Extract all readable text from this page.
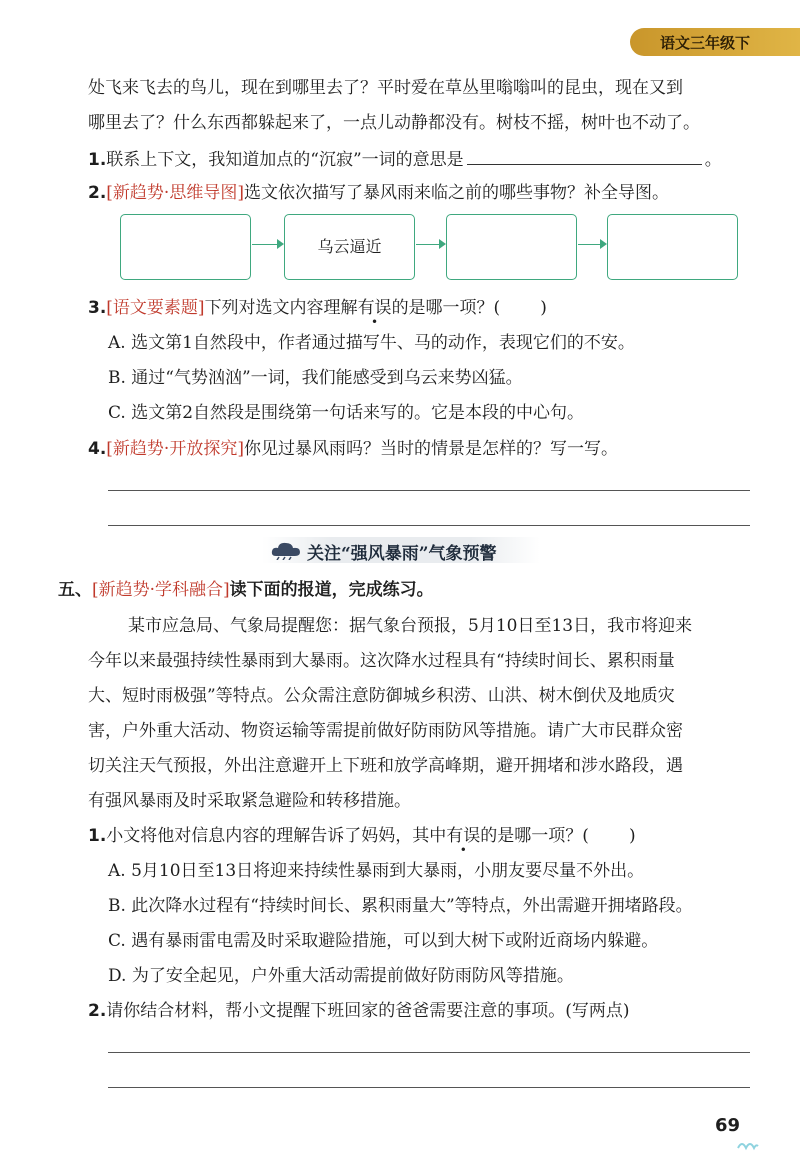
语文三年级下
处飞来飞去的鸟儿，现在到哪里去了？平时爱在草丛里嗡嗡叫的昆虫，现在又到
哪里去了？什么东西都躲起来了，一点儿动静都没有。树枝不摇，树叶也不动了。
1.联系上下文，我知道加点的“沉寂”一词的意思是	。
2.[新趋势·思维导图]选文依次描写了暴风雨来临之前的哪些事物？补全导图。
乌云逼近
3.[语文要素题]下列对选文内容理解有误的是哪一项？( )
A. 选文第1自然段中，作者通过描写牛、马的动作，表现它们的不安。
B. 通过“气势汹汹”一词，我们能感受到乌云来势凶猛。
C. 选文第2自然段是围绕第一句话来写的。它是本段的中心句。
4.[新趋势·开放探究]你见过暴风雨吗？当时的情景是怎样的？写一写。
关注“强风暴雨”气象预警
五、[新趋势·学科融合]读下面的报道，完成练习。
某市应急局、气象局提醒您：据气象台预报，5月10日至13日，我市将迎来
今年以来最强持续性暴雨到大暴雨。这次降水过程具有“持续时间长、累积雨量
大、短时雨极强”等特点。公众需注意防御城乡积涝、山洪、树木倒伏及地质灾
害，户外重大活动、物资运输等需提前做好防雨防风等措施。请广大市民群众密
切关注天气预报，外出注意避开上下班和放学高峰期，避开拥堵和涉水路段，遇
有强风暴雨及时采取紧急避险和转移措施。
1.小文将他对信息内容的理解告诉了妈妈，其中有误的是哪一项？( )
A. 5月10日至13日将迎来持续性暴雨到大暴雨，小朋友要尽量不外出。
B. 此次降水过程有“持续时间长、累积雨量大”等特点，外出需避开拥堵路段。
C. 遇有暴雨雷电需及时采取避险措施，可以到大树下或附近商场内躲避。
D. 为了安全起见，户外重大活动需提前做好防雨防风等措施。
2.请你结合材料，帮小文提醒下班回家的爸爸需要注意的事项。(写两点)
69
